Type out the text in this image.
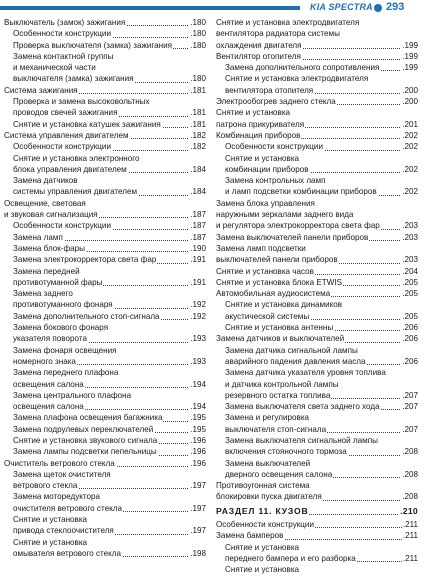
KIA SPECTRA 293
Выключатель (замок) зажигания	.180
Особенности конструкции	.180
Проверка выключателя (замка) зажигания .180
Замена контактной группы
и механической части
выключателя (замка) зажигания	.180
Система зажигания	.181
Проверка и замена высоковольтных
проводов свечей зажигания	.181
Снятие и установка катушек зажигания	.181
Система управления двигателем	.182
Особенности конструкции	.182
Снятие и установка электронного
блока управления двигателем	.184
Замена датчиков
системы управления двигателем	.184
Освещение, световая
и звуковая сигнализация	.187
Особенности конструкции	.187
Замена ламп	.187
Замена блок-фары	.190
Замена электрокорректора света фар	.191
Замена передней
противотуманной фары	.191
Замена заднего
противотуманного фонаря	.192
Замена дополнительного стоп-сигнала	.192
Замена бокового фонаря
указателя поворота	.193
Замена фонаря освещения
номерного знака	.193
Замена переднего плафона
освещения салона	.194
Замена центрального плафона
освещения салона	.194
Замена плафона освещения багажника	.195
Замена подрулевых переключателей	.195
Снятие и установка звукового сигнала	.196
Замена лампы подсветки пепельницы	.196
Очиститель ветрового стекла	.196
Замена щеток очистителя
ветрового стекла	.197
Замена моторедуктора
очистителя ветрового стекла	.197
Снятие и установка
привода стеклоочистителя	.197
Снятие и установка
омывателя ветрового стекла	.198
Снятие и установка электродвигателя
вентилятора радиатора системы
охлаждения двигателя	.199
Вентилятор отопителя	.199
Замена дополнительного сопротивления	.199
Снятие и установка электродвигателя
вентилятора отопителя	.200
Электрообогрев заднего стекла	.200
Снятие и установка
патрона прикуривателя	.201
Комбинация приборов	.202
Особенности конструкции	.202
Снятие и установка
комбинации приборов	.202
Замена контрольных ламп
и ламп подсветки комбинации приборов	.202
Замена блока управления
наружными зеркалами заднего вида
и регулятора электрокорректора света фар	.203
Замена выключателей панели приборов	.203
Замена ламп подсветки
выключателей панели приборов	.203
Снятие и установка часов	.204
Снятие и установка блока ETWIS	.205
Автомобильная аудиосистема	.205
Снятие и установка динамиков
акустической системы	.205
Снятие и установка антенны	.206
Замена датчиков и выключателей	.206
Замена датчика сигнальной лампы
аварийного падения давления масла	.206
Замена датчика указателя уровня топлива
и датчика контрольной лампы
резервного остатка топлива	.207
Замена выключателя света заднего хода	.207
Замена и регулировка
выключателя стоп-сигнала	.207
Замена выключателя сигнальной лампы
включения стояночного тормоза	.208
Замена выключателей
дверного освещения салона	.208
Противоугонная система
блокировки пуска двигателя	.208
РАЗДЕЛ 11. КУЗОВ	.210
Особенности конструкции	.211
Замена бамперов	.211
Снятие и установка
переднего бампера и его разборка	.211
Снятие и установка
